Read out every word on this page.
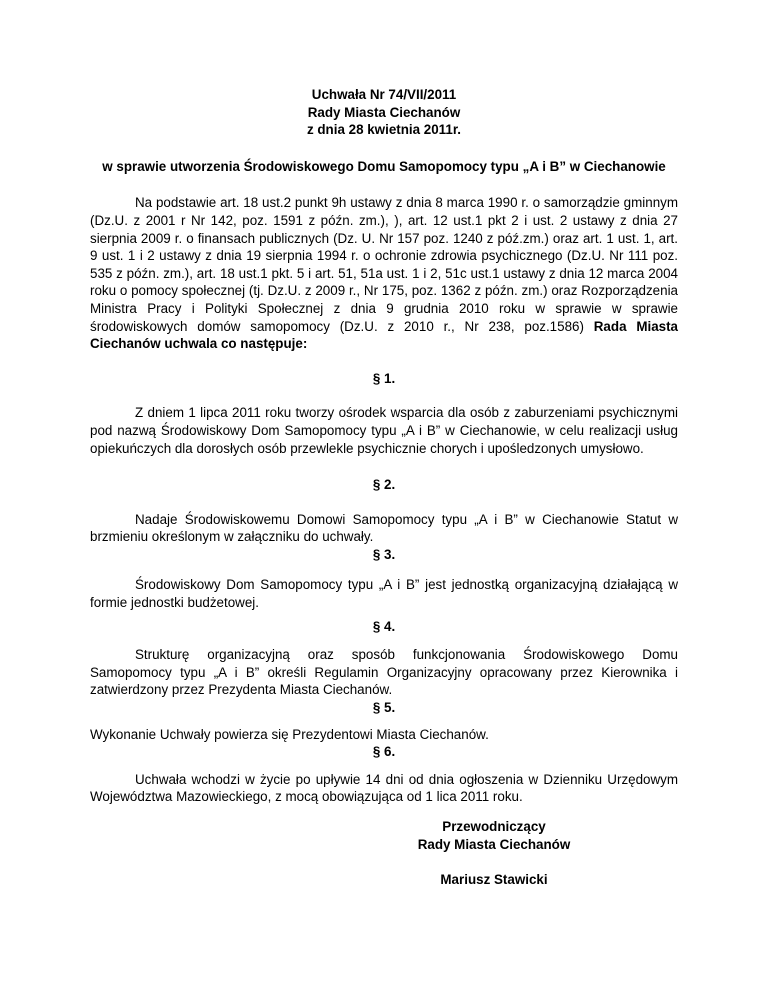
Uchwała Nr 74/VII/2011
Rady Miasta Ciechanów
z dnia 28 kwietnia 2011r.
w sprawie utworzenia Środowiskowego Domu Samopomocy typu „A i B” w Ciechanowie

Na podstawie art. 18 ust.2 punkt 9h ustawy z dnia 8 marca 1990 r. o samorządzie gminnym (Dz.U. z 2001 r Nr 142, poz. 1591 z późn. zm.), ), art. 12 ust.1 pkt 2 i ust. 2 ustawy z dnia 27 sierpnia 2009 r. o finansach publicznych (Dz. U. Nr 157 poz. 1240 z póź.zm.) oraz art. 1 ust. 1, art. 9 ust. 1 i 2 ustawy z dnia 19 sierpnia 1994 r. o ochronie zdrowia psychicznego (Dz.U. Nr 111 poz. 535 z późn. zm.), art. 18 ust.1 pkt. 5 i art. 51, 51a ust. 1 i 2, 51c ust.1 ustawy z dnia 12 marca 2004 roku o pomocy społecznej (tj. Dz.U. z 2009 r., Nr 175, poz. 1362 z późn. zm.) oraz Rozporządzenia Ministra Pracy i Polityki Społecznej z dnia 9 grudnia 2010 roku w sprawie w sprawie środowiskowych domów samopomocy (Dz.U. z 2010 r., Nr 238, poz.1586) Rada Miasta Ciechanów uchwala co następuje:

§ 1.

Z dniem 1 lipca 2011 roku tworzy ośrodek wsparcia dla osób z zaburzeniami psychicznymi pod nazwą Środowiskowy Dom Samopomocy typu „A i B” w Ciechanowie, w celu realizacji usług opiekuńczych dla dorosłych osób przewlekle psychicznie chorych i upośledzonych umysłowo.

§ 2.

Nadaje Środowiskowemu Domowi Samopomocy typu „A i B” w Ciechanowie Statut w brzmieniu określonym w załączniku do uchwały.

§ 3.

Środowiskowy Dom Samopomocy typu „A i B” jest jednostką organizacyjną działającą w formie jednostki budżetowej.

§ 4.

Strukturę organizacyjną oraz sposób funkcjonowania Środowiskowego Domu Samopomocy typu „A i B” określi Regulamin Organizacyjny opracowany przez Kierownika i zatwierdzony przez Prezydenta Miasta Ciechanów.

§ 5.

Wykonanie Uchwały powierza się Prezydentowi Miasta Ciechanów.

§ 6.

Uchwała wchodzi w życie po upływie 14 dni od dnia ogłoszenia w Dzienniku Urzędowym Województwa Mazowieckiego, z mocą obowiązująca od 1 lica 2011 roku.

Przewodniczący
Rady Miasta Ciechanów
Mariusz Stawicki
